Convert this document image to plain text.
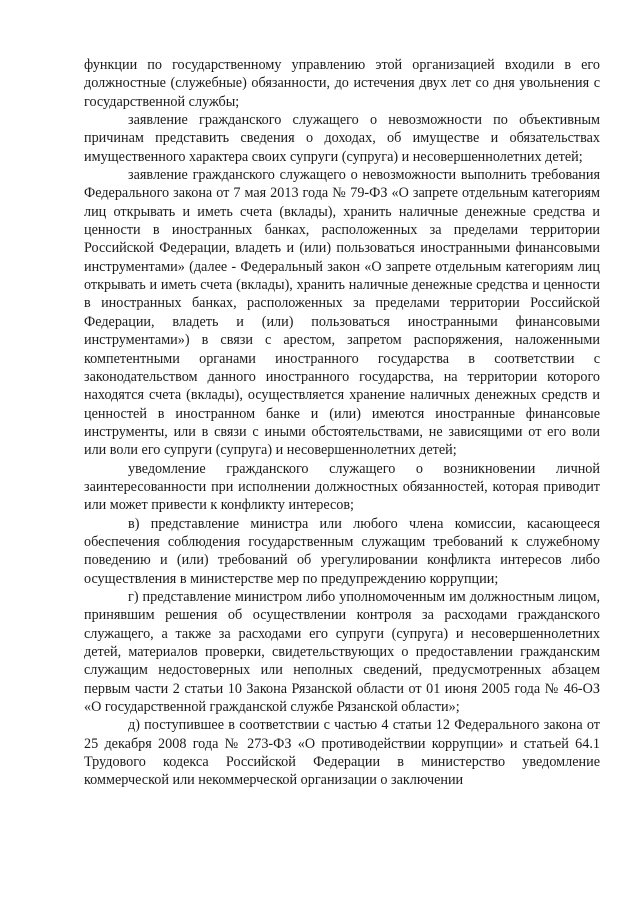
функции по государственному управлению этой организацией входили в его должностные (служебные) обязанности, до истечения двух лет со дня увольнения с государственной службы;

заявление гражданского служащего о невозможности по объективным причинам представить сведения о доходах, об имуществе и обязательствах имущественного характера своих супруги (супруга) и несовершеннолетних детей;

заявление гражданского служащего о невозможности выполнить требования Федерального закона от 7 мая 2013 года № 79-ФЗ «О запрете отдельным категориям лиц открывать и иметь счета (вклады), хранить наличные денежные средства и ценности в иностранных банках, расположенных за пределами территории Российской Федерации, владеть и (или) пользоваться иностранными финансовыми инструментами» (далее - Федеральный закон «О запрете отдельным категориям лиц открывать и иметь счета (вклады), хранить наличные денежные средства и ценности в иностранных банках, расположенных за пределами территории Российской Федерации, владеть и (или) пользоваться иностранными финансовыми инструментами») в связи с арестом, запретом распоряжения, наложенными компетентными органами иностранного государства в соответствии с законодательством данного иностранного государства, на территории которого находятся счета (вклады), осуществляется хранение наличных денежных средств и ценностей в иностранном банке и (или) имеются иностранные финансовые инструменты, или в связи с иными обстоятельствами, не зависящими от его воли или воли его супруги (супруга) и несовершеннолетних детей;

уведомление гражданского служащего о возникновении личной заинтересованности при исполнении должностных обязанностей, которая приводит или может привести к конфликту интересов;

в) представление министра или любого члена комиссии, касающееся обеспечения соблюдения государственным служащим требований к служебному поведению и (или) требований об урегулировании конфликта интересов либо осуществления в министерстве мер по предупреждению коррупции;

г) представление министром либо уполномоченным им должностным лицом, принявшим решения об осуществлении контроля за расходами гражданского служащего, а также за расходами его супруги (супруга) и несовершеннолетних детей, материалов проверки, свидетельствующих о предоставлении гражданским служащим недостоверных или неполных сведений, предусмотренных абзацем первым части 2 статьи 10 Закона Рязанской области от 01 июня 2005 года № 46-ОЗ «О государственной гражданской службе Рязанской области»;

д) поступившее в соответствии с частью 4 статьи 12 Федерального закона от 25 декабря 2008 года № 273-ФЗ «О противодействии коррупции» и статьей 64.1 Трудового кодекса Российской Федерации в министерство уведомление коммерческой или некоммерческой организации о заключении
